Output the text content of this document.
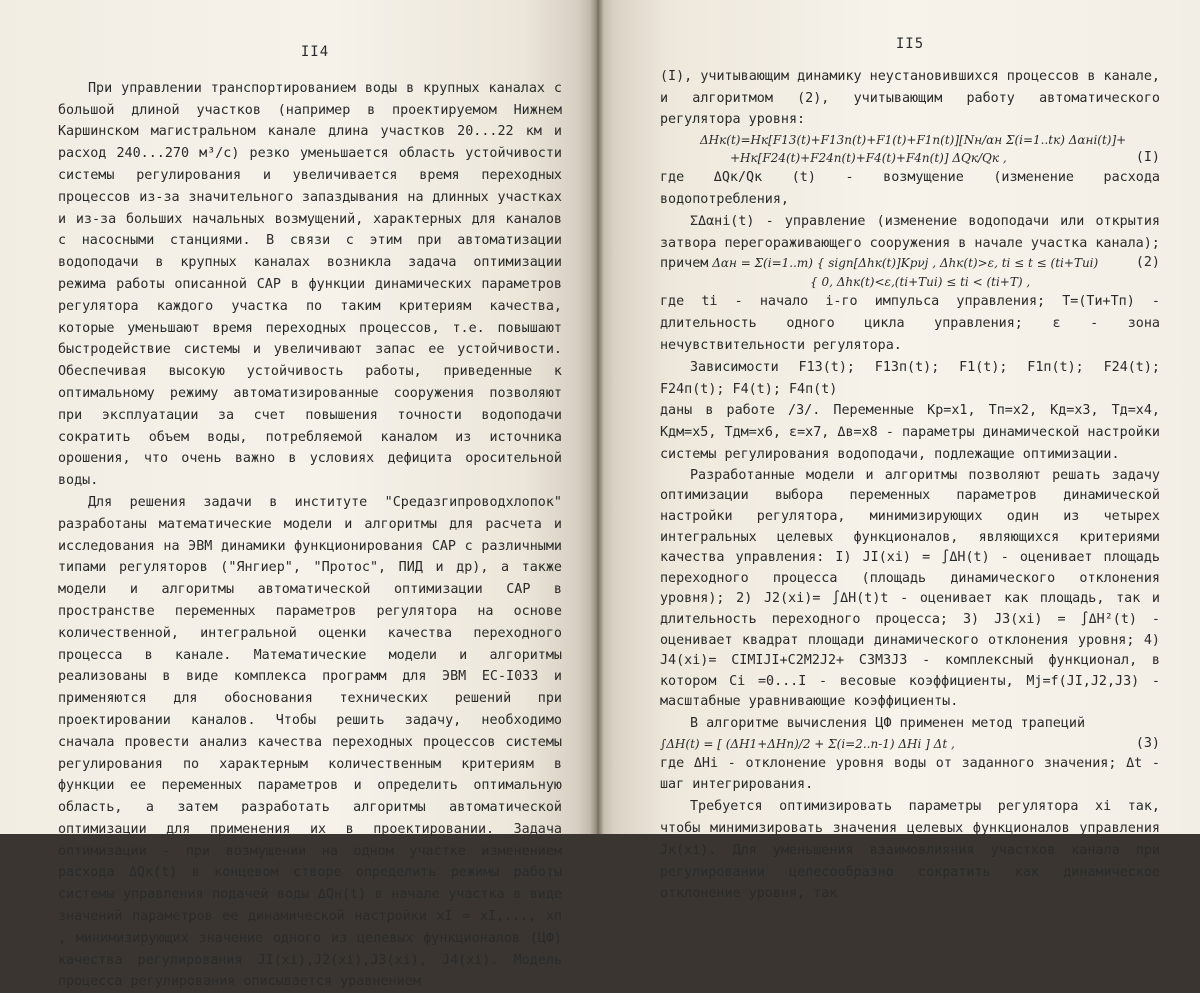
II4

При управлении транспортированием воды в крупных каналах с большой длиной участков (например в проектируемом Нижнем Каршинском магистральном канале длина участков 20...22 км и расход 240...270 м³/с) резко уменьшается область устойчивости системы регулирования и увеличивается время переходных процессов из-за значительного запаздывания на длинных участках и из-за больших начальных возмущений, характерных для каналов с насосными станциями. В связи с этим при автоматизации водоподачи в крупных каналах возникла задача оптимизации режима работы описанной САР в функции динамических параметров регулятора каждого участка по таким критериям качества, которые уменьшают время переходных процессов, т.е. повышают быстродействие системы и увеличивают запас ее устойчивости. Обеспечивая высокую устойчивость работы, приведенные к оптимальному режиму автоматизированные сооружения позволяют при эксплуатации за счет повышения точности водоподачи сократить объем воды, потребляемой каналом из источника орошения, что очень важно в условиях дефицита оросительной воды.

Для решения задачи в институте "Средазгипроводхлопок" разработаны математические модели и алгоритмы для расчета и исследования на ЭВМ динамики функционирования САР с различными типами регуляторов ("Янгиер", "Протос", ПИД и др), а также модели и алгоритмы автоматической оптимизации САР в пространстве переменных параметров регулятора на основе количественной, интегральной оценки качества переходного процесса в канале. Математические модели и алгоритмы реализованы в виде комплекса программ для ЭВМ ЕС-I033 и применяются для обоснования технических решений при проектировании каналов. Чтобы решить задачу, необходимо сначала провести анализ качества переходных процессов системы регулирования по характерным количественным критериям в функции ее переменных параметров и определить оптимальную область, а затем разработать алгоритмы автоматической оптимизации для применения их в проектировании. Задача оптимизации - при возмущении на одном участке изменением расхода ΔQк(t) в концевом створе определить режимы работы системы управления подачей воды ΔQн(t) в начале участка в виде значений параметров ее динамической настройки xI = xI,..., xп , минимизирующих значение одного из целевых функционалов (ЦФ) качества регулирования JI(xi),J2(xi),J3(xi), J4(xi). Модель процесса регулирования описывается уравнением

II5

(I), учитывающим динамику неустановившихся процессов в канале, и алгоритмом (2), учитывающим работу автоматического регулятора уровня:

ΔHк(t)=Hк[F13(t)+F13п(t)+F1(t)+F1п(t)][Nн/αн Σ(i=1..tк) Δαнi(t)]+
+Hк[F24(t)+F24п(t)+F4(t)+F4п(t)] ΔQк/Qк ,	(I)

где ΔQк/Qк (t) - возмущение (изменение расхода водопотребления,

ΣΔαнi(t) - управление (изменение водоподачи или открытия затвора перегораживающего сооружения в начале участка канала);

причем Δαн = Σ(i=1..m) { sign[Δhк(t)]Kpνj , Δhк(t)>ε, ti ≤ t ≤ (ti+Tиi)	(2)
{ 0, Δhк(t)<ε,(ti+Tиi) ≤ ti < (ti+T) ,

где ti - начало i-го импульса управления; T=(Tи+Tп) - длительность одного цикла управления; ε - зона нечувствительности регулятора.

Зависимости F13(t); F13п(t); F1(t); F1п(t); F24(t); F24п(t); F4(t); F4п(t)

даны в работе /3/. Переменные Kр=x1, Tп=x2, Kд=x3, Tд=x4, Kдм=x5, Tдм=x6, ε=x7, Δв=x8 - параметры динамической настройки системы регулирования водоподачи, подлежащие оптимизации.

Разработанные модели и алгоритмы позволяют решать задачу оптимизации выбора переменных параметров динамической настройки регулятора, минимизирующих один из четырех интегральных целевых функционалов, являющихся критериями качества управления: I) JI(xi) = ∫ΔH(t) - оценивает площадь переходного процесса (площадь динамического отклонения уровня); 2) J2(xi)= ∫ΔH(t)t - оценивает как площадь, так и длительность переходного процесса; 3) J3(xi) = ∫ΔH²(t) - оценивает квадрат площади динамического отклонения уровня; 4) J4(xi)= CIMIJI+C2M2J2+ C3M3J3 - комплексный функционал, в котором Ci =0...I - весовые коэффициенты, Mj=f(JI,J2,J3) - масштабные уравнивающие коэффициенты.

В алгоритме вычисления ЦФ применен метод трапеций

∫ΔH(t) = [ (ΔH1+ΔHn)/2 + Σ(i=2..n-1) ΔHi ] Δt ,	(3)

где ΔHi - отклонение уровня воды от заданного значения; Δt - шаг интегрирования.

Требуется оптимизировать параметры регулятора xi так, чтобы минимизировать значения целевых функционалов управления Jк(xi). Для уменьшения взаимовлияния участков канала при регулировании целесообразно сократить как динамическое отклонение уровня, так
